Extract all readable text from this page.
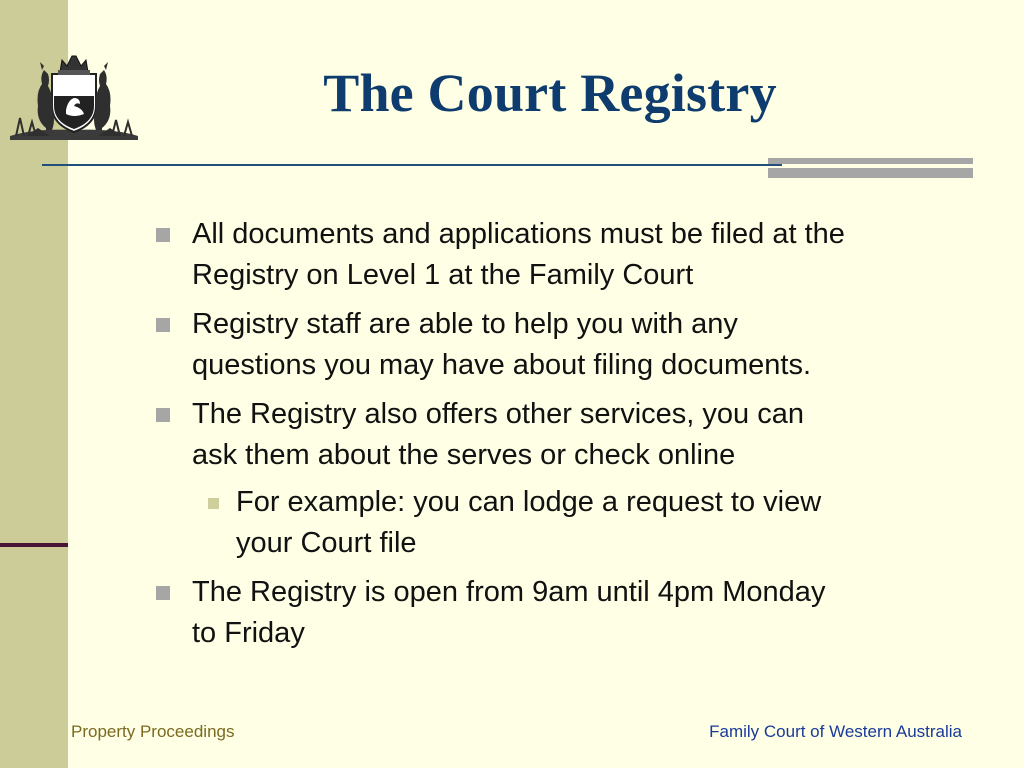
The Court Registry
All documents and applications must be filed at the
Registry on Level 1 at the Family Court
Registry staff are able to help you with any
questions you may have about filing documents.
The Registry also offers other services, you can
ask them about the serves or check online
For example: you can lodge a request to view
your Court file
The Registry is open from 9am until 4pm Monday
to Friday
Property Proceedings	Family Court of Western Australia
